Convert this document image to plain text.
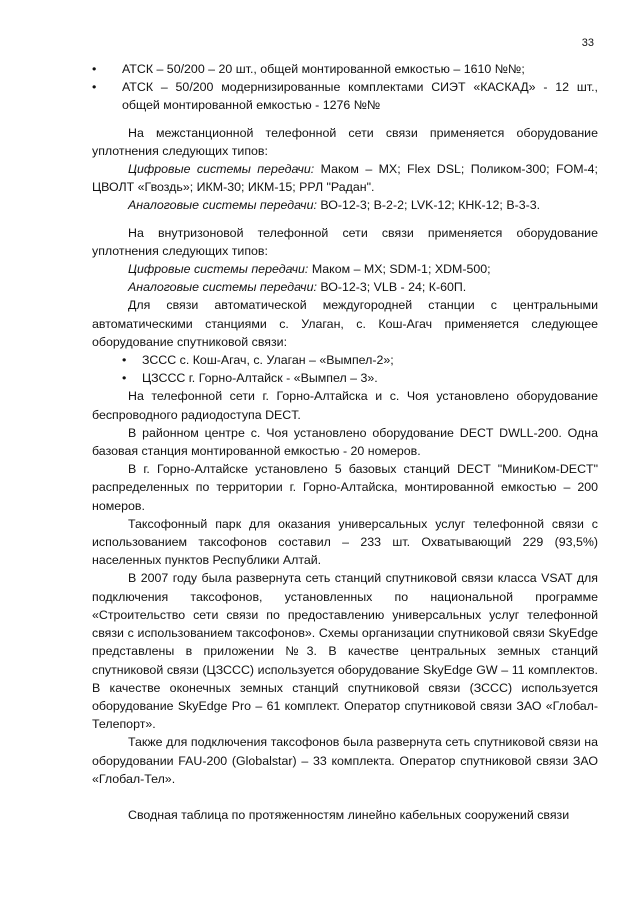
33

• АТСК – 50/200 – 20 шт., общей монтированной емкостью – 1610 №№;

• АТСК – 50/200 модернизированные комплектами СИЭТ «КАСКАД» - 12 шт., общей монтированной емкостью - 1276 №№

На межстанционной телефонной сети связи применяется оборудование уплотнения следующих типов:

Цифровые системы передачи: Маком – МХ; Flex DSL; Поликом-300; FOM-4; ЦВОЛТ «Гвоздь»; ИКМ-30; ИКМ-15; РРЛ "Радан".

Аналоговые системы передачи: ВО-12-3; В-2-2; LVK-12; КНК-12; В-3-3.

На внутризоновой телефонной сети связи применяется оборудование уплотнения следующих типов:

Цифровые системы передачи: Маком – МХ; SDM-1; XDM-500;

Аналоговые системы передачи: ВО-12-3; VLB - 24; К-60П.

Для связи автоматической междугородней станции с центральными автоматическими станциями с. Улаган, с. Кош-Агач применяется следующее оборудование спутниковой связи:

• ЗССС с. Кош-Агач, с. Улаган – «Вымпел-2»;

• ЦЗССС г. Горно-Алтайск - «Вымпел – 3».

На телефонной сети г. Горно-Алтайска и с. Чоя установлено оборудование беспроводного радиодоступа DECT.

В районном центре с. Чоя установлено оборудование DECT DWLL-200. Одна базовая станция монтированной емкостью - 20 номеров.

В г. Горно-Алтайске установлено 5 базовых станций DECT "МиниКом-DECT" распределенных по территории г. Горно-Алтайска, монтированной емкостью – 200 номеров.

Таксофонный парк для оказания универсальных услуг телефонной связи с использованием таксофонов составил – 233 шт. Охватывающий 229 (93,5%) населенных пунктов Республики Алтай.

В 2007 году была развернута сеть станций спутниковой связи класса VSAT для подключения таксофонов, установленных по национальной программе «Строительство сети связи по предоставлению универсальных услуг телефонной связи с использованием таксофонов». Схемы организации спутниковой связи SkyEdge представлены в приложении №3. В качестве центральных земных станций спутниковой связи (ЦЗССС) используется оборудование SkyEdge GW – 11 комплектов. В качестве оконечных земных станций спутниковой связи (ЗССС) используется оборудование SkyEdge Pro – 61 комплект. Оператор спутниковой связи ЗАО «Глобал-Телепорт».

Также для подключения таксофонов была развернута сеть спутниковой связи на оборудовании FAU-200 (Globalstar) – 33 комплекта. Оператор спутниковой связи ЗАО «Глобал-Тел».

Сводная таблица по протяженностям линейно кабельных сооружений связи
